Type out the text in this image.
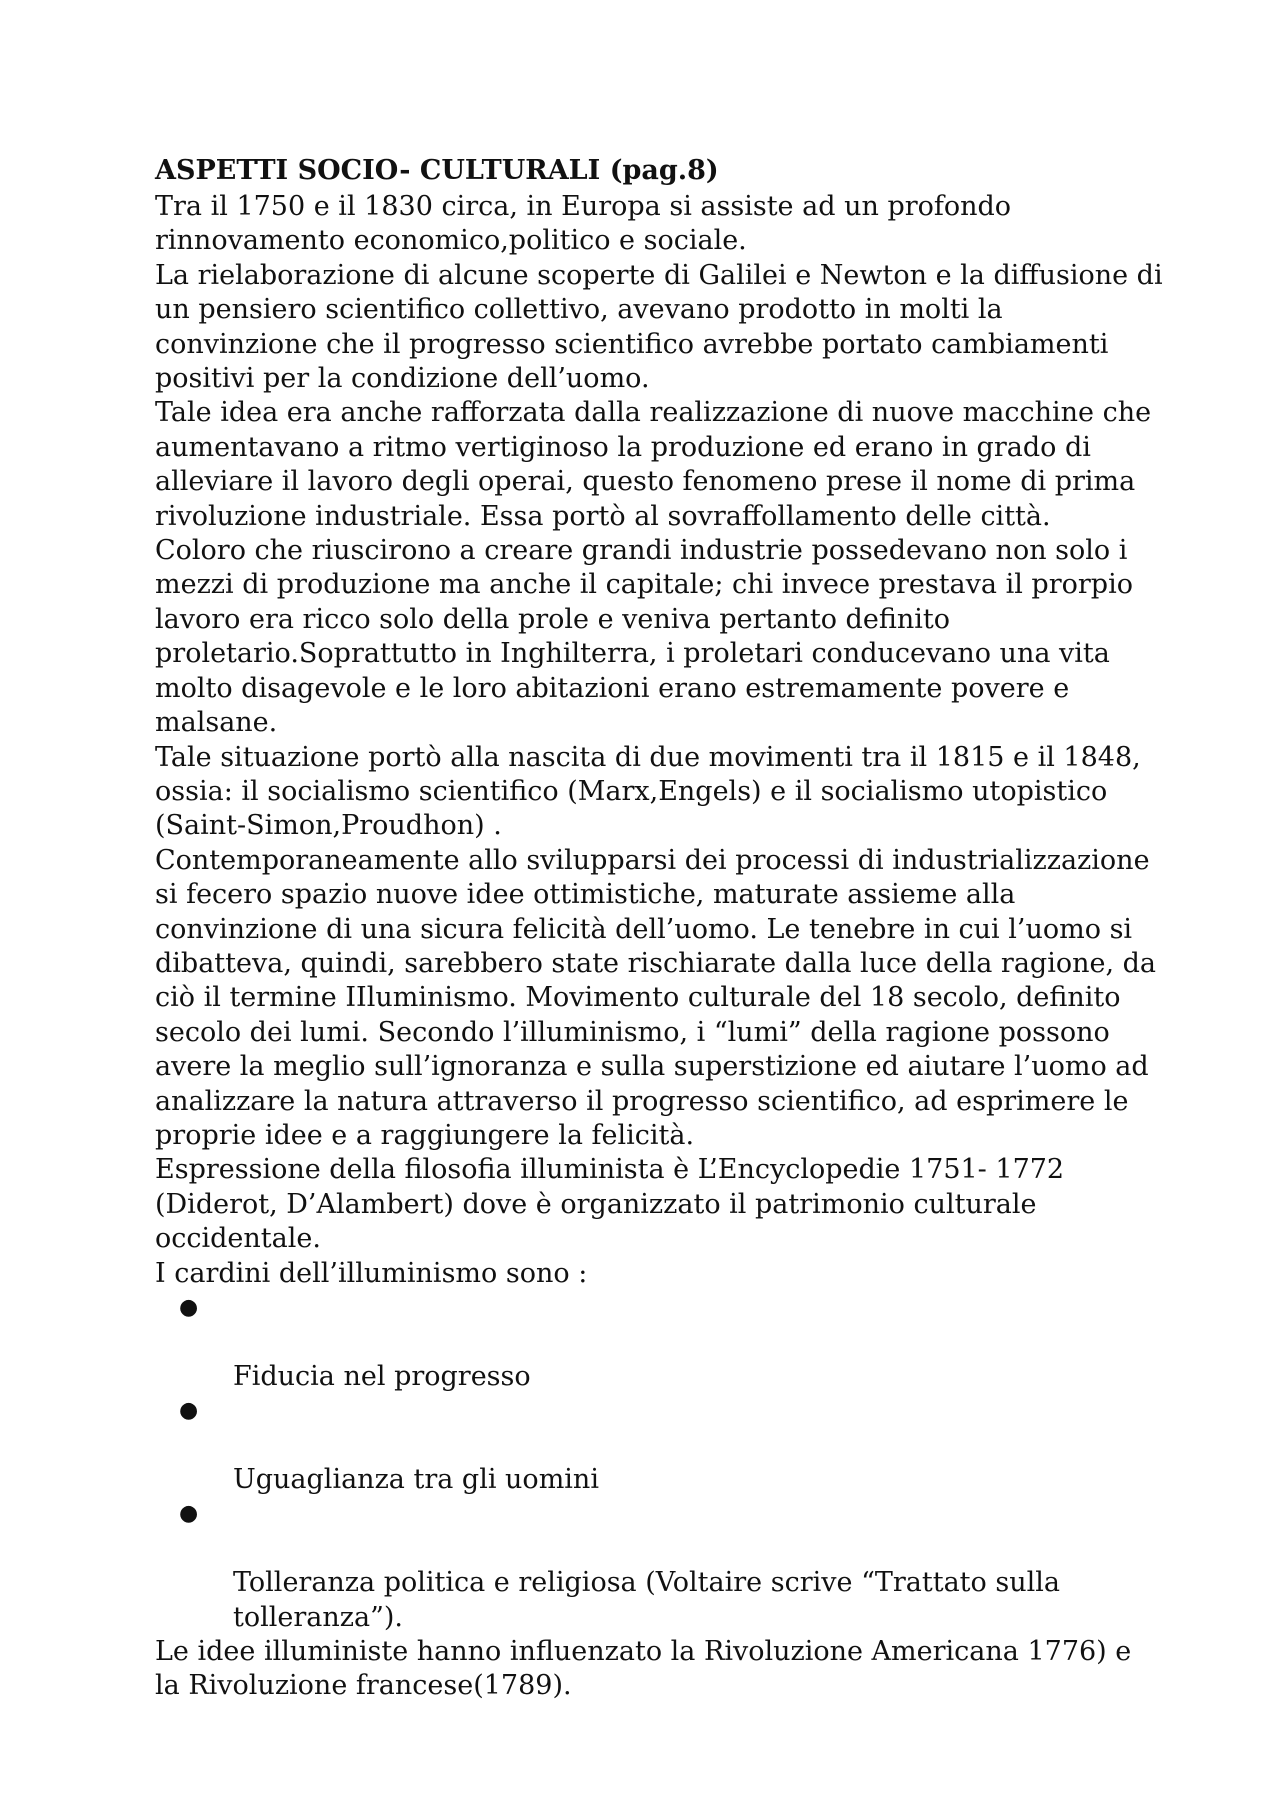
ASPETTI SOCIO- CULTURALI (pag.8)

Tra il 1750 e il 1830 circa, in Europa si assiste ad un profondo
rinnovamento economico,politico e sociale.

La rielaborazione di alcune scoperte di Galilei e Newton e la diffusione di
un pensiero scientifico collettivo, avevano prodotto in molti la
convinzione che il progresso scientifico avrebbe portato cambiamenti
positivi per la condizione dell’uomo.

Tale idea era anche rafforzata dalla realizzazione di nuove macchine che
aumentavano a ritmo vertiginoso la produzione ed erano in grado di
alleviare il lavoro degli operai, questo fenomeno prese il nome di prima
rivoluzione industriale. Essa portò al sovraffollamento delle città.

Coloro che riuscirono a creare grandi industrie possedevano non solo i
mezzi di produzione ma anche il capitale; chi invece prestava il prorpio
lavoro era ricco solo della prole e veniva pertanto definito
proletario.Soprattutto in Inghilterra, i proletari conducevano una vita
molto disagevole e le loro abitazioni erano estremamente povere e
malsane.

Tale situazione portò alla nascita di due movimenti tra il 1815 e il 1848,
ossia: il socialismo scientifico (Marx,Engels) e il socialismo utopistico
(Saint-Simon,Proudhon) .

Contemporaneamente allo svilupparsi dei processi di industrializzazione
si fecero spazio nuove idee ottimistiche, maturate assieme alla
convinzione di una sicura felicità dell’uomo. Le tenebre in cui l’uomo si
dibatteva, quindi, sarebbero state rischiarate dalla luce della ragione, da
ciò il termine IIluminismo. Movimento culturale del 18 secolo, definito
secolo dei lumi. Secondo l’illuminismo, i “lumi” della ragione possono
avere la meglio sull’ignoranza e sulla superstizione ed aiutare l’uomo ad
analizzare la natura attraverso il progresso scientifico, ad esprimere le
proprie idee e a raggiungere la felicità.

Espressione della filosofia illuminista è L’Encyclopedie 1751- 1772
(Diderot, D’Alambert) dove è organizzato il patrimonio culturale
occidentale.

I cardini dell’illuminismo sono :

●

Fiducia nel progresso

●

Uguaglianza tra gli uomini

●

Tolleranza politica e religiosa (Voltaire scrive “Trattato sulla
tolleranza”).

Le idee illuministe hanno influenzato la Rivoluzione Americana 1776) e
la Rivoluzione francese(1789).
